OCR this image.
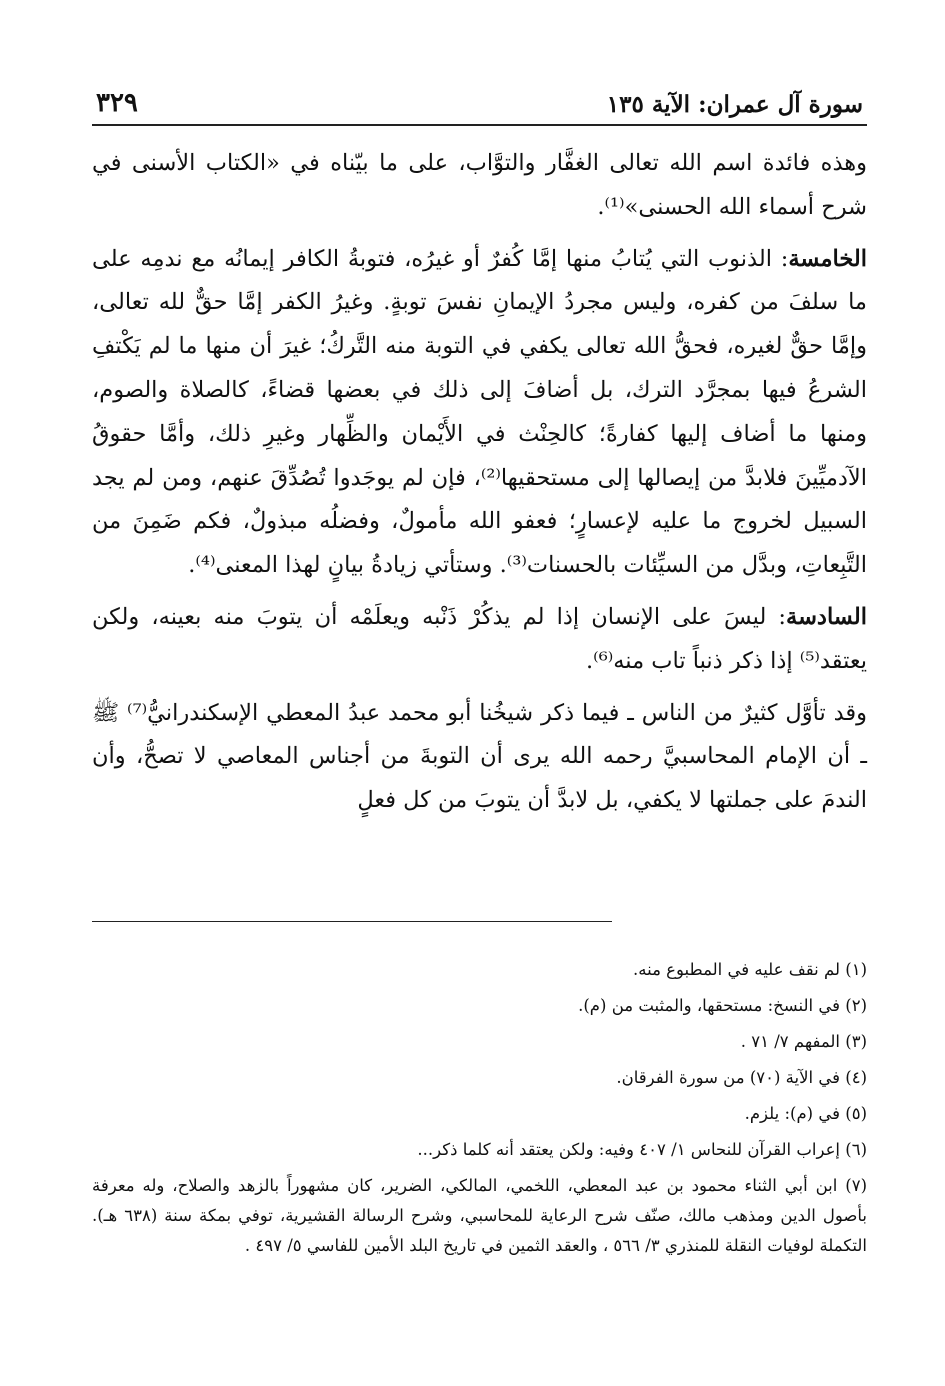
سورة آل عمران: الآية ١٣٥
٣٢٩

وهذه فائدة اسم الله تعالى الغفَّار والتوَّاب، على ما بيّناه في «الكتاب الأسنى في شرح أسماء الله الحسنى»⁽¹⁾.

الخامسة: الذنوب التي يُتابُ منها إمَّا كُفرٌ أو غيرُه، فتوبةُ الكافر إيمانُه مع ندمِه على ما سلفَ من كفره، وليس مجردُ الإيمانِ نفسَ توبةٍ. وغيرُ الكفر إمَّا حقٌّ لله تعالى، وإمَّا حقٌّ لغيره، فحقُّ الله تعالى يكفي في التوبة منه التَّركُ؛ غيرَ أن منها ما لم يَكْتفِ الشرعُ فيها بمجرَّد الترك، بل أضافَ إلى ذلك في بعضها قضاءً، كالصلاة والصوم، ومنها ما أضاف إليها كفارةً؛ كالحِنْث في الأَيْمان والظِّهار وغيرِ ذلك، وأمَّا حقوقُ الآدميِّينَ فلابدَّ من إيصالها إلى مستحقيها⁽²⁾، فإن لم يوجَدوا تُصُدِّقَ عنهم، ومن لم يجد السبيل لخروج ما عليه لإعسارٍ؛ فعفو الله مأمولٌ، وفضلُه مبذولٌ، فكم ضَمِنَ من التَّبِعاتِ، وبدَّل من السيِّئات بالحسنات⁽³⁾. وستأتي زيادةُ بيانٍ لهذا المعنى⁽⁴⁾.

السادسة: ليسَ على الإنسان إذا لم يذكُرْ ذَنْبه ويعلَمْه أن يتوبَ منه بعينه، ولكن يعتقد⁽⁵⁾ إذا ذكر ذنباً تاب منه⁽⁶⁾.

وقد تأوَّل كثيرٌ من الناس ـ فيما ذكر شيخُنا أبو محمد عبدُ المعطي الإسكندرانيُّ⁽⁷⁾ ﷺ ـ أن الإمام المحاسبيَّ رحمه الله يرى أن التوبةَ من أجناس المعاصي لا تصحُّ، وأن الندمَ على جملتها لا يكفي، بل لابدَّ أن يتوبَ من كل فعلٍ

(١) لم نقف عليه في المطبوع منه.

(٢) في النسخ: مستحقها، والمثبت من (م).

(٣) المفهم ٧/ ٧١ .

(٤) في الآية (٧٠) من سورة الفرقان.

(٥) في (م): يلزم.

(٦) إعراب القرآن للنحاس ١/ ٤٠٧ وفيه: ولكن يعتقد أنه كلما ذكر...

(٧) ابن أبي الثناء محمود بن عبد المعطي، اللخمي، المالكي، الضرير، كان مشهوراً بالزهد والصلاح، وله معرفة بأصول الدين ومذهب مالك، صنّف شرح الرعاية للمحاسبي، وشرح الرسالة القشيرية، توفي بمكة سنة (٦٣٨ هـ). التكملة لوفيات النقلة للمنذري ٣/ ٥٦٦ ، والعقد الثمين في تاريخ البلد الأمين للفاسي ٥/ ٤٩٧ .
